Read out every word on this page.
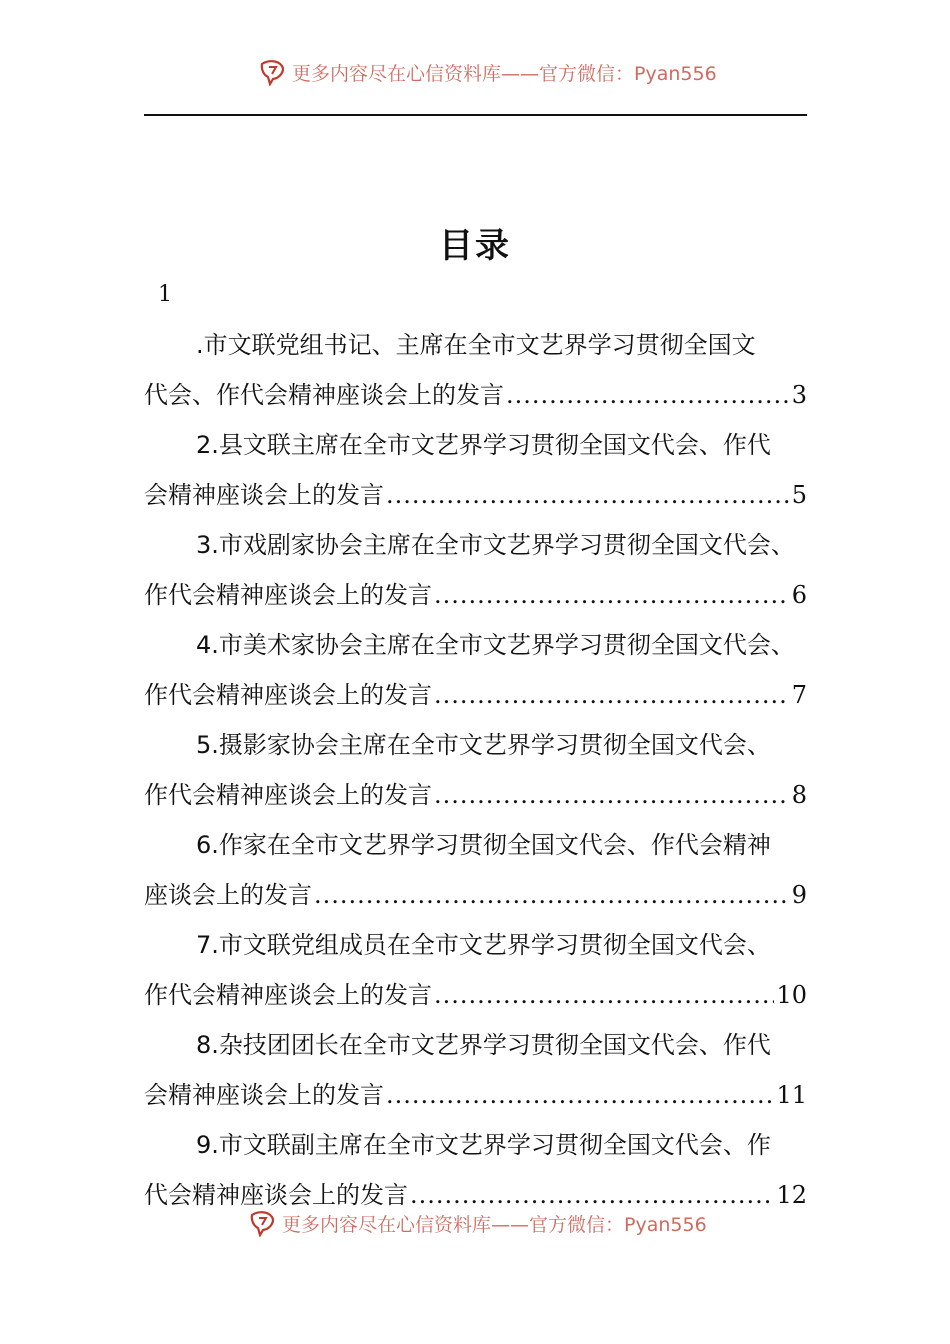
更多内容尽在心信资料库——官方微信：Pyan556
目录
1
.市文联党组书记、主席在全市文艺界学习贯彻全国文
代会、作代会精神座谈会上的发言 .....	3
2.县文联主席在全市文艺界学习贯彻全国文代会、作代
会精神座谈会上的发言 .....	5
3.市戏剧家协会主席在全市文艺界学习贯彻全国文代会、
作代会精神座谈会上的发言 .....	6
4.市美术家协会主席在全市文艺界学习贯彻全国文代会、
作代会精神座谈会上的发言 .....	7
5.摄影家协会主席在全市文艺界学习贯彻全国文代会、
作代会精神座谈会上的发言 .....	8
6.作家在全市文艺界学习贯彻全国文代会、作代会精神
座谈会上的发言 .....	9
7.市文联党组成员在全市文艺界学习贯彻全国文代会、
作代会精神座谈会上的发言 .....	10
8.杂技团团长在全市文艺界学习贯彻全国文代会、作代
会精神座谈会上的发言 .....	11
9.市文联副主席在全市文艺界学习贯彻全国文代会、作
代会精神座谈会上的发言 .....	12
更多内容尽在心信资料库——官方微信：Pyan556
